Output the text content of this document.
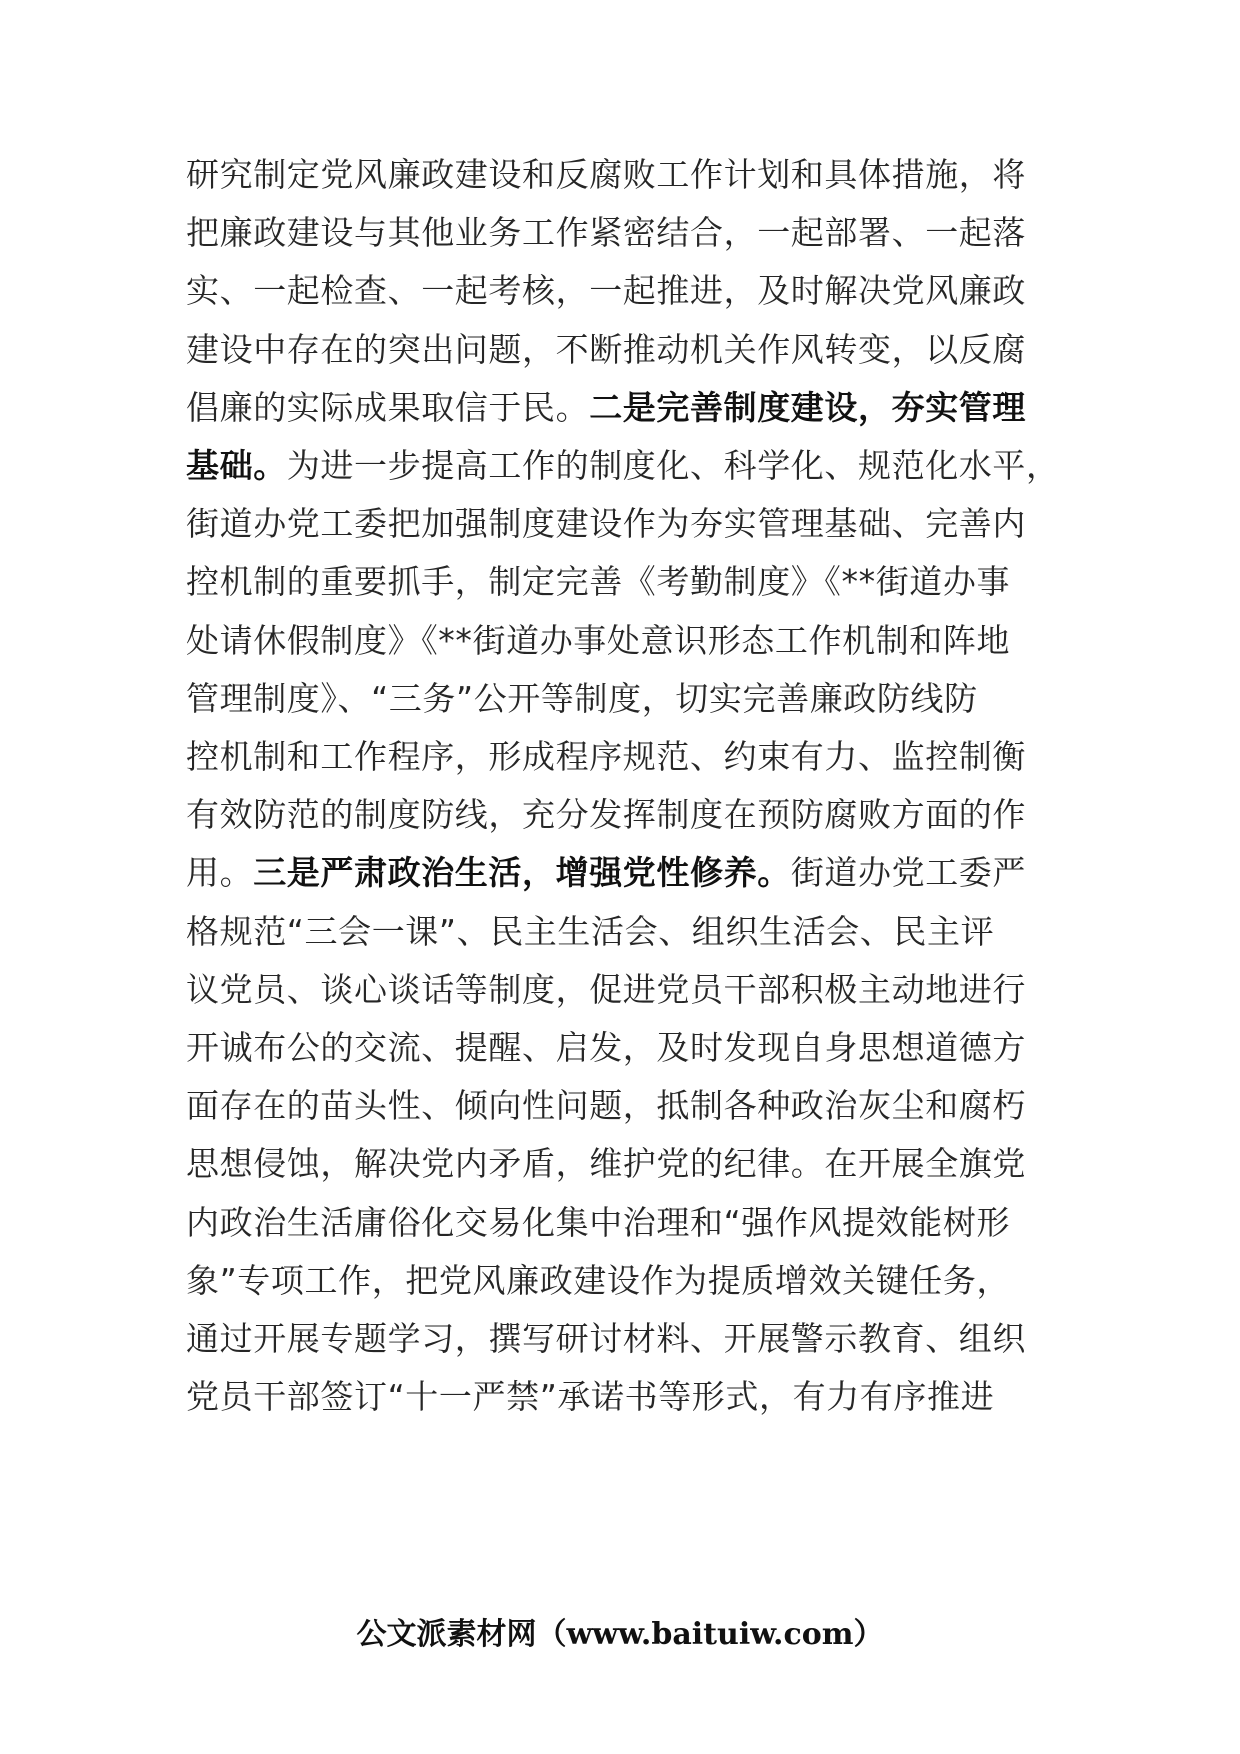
研究制定党风廉政建设和反腐败工作计划和具体措施，将
把廉政建设与其他业务工作紧密结合，一起部署、一起落
实、一起检查、一起考核，一起推进，及时解决党风廉政
建设中存在的突出问题，不断推动机关作风转变，以反腐
倡廉的实际成果取信于民。二是完善制度建设，夯实管理
基础。为进一步提高工作的制度化、科学化、规范化水平，
街道办党工委把加强制度建设作为夯实管理基础、完善内
控机制的重要抓手，制定完善《考勤制度》《**街道办事
处请休假制度》《**街道办事处意识形态工作机制和阵地
管理制度》、“三务”公开等制度，切实完善廉政防线防
控机制和工作程序，形成程序规范、约束有力、监控制衡
有效防范的制度防线，充分发挥制度在预防腐败方面的作
用。三是严肃政治生活，增强党性修养。街道办党工委严
格规范“三会一课”、民主生活会、组织生活会、民主评
议党员、谈心谈话等制度，促进党员干部积极主动地进行
开诚布公的交流、提醒、启发，及时发现自身思想道德方
面存在的苗头性、倾向性问题，抵制各种政治灰尘和腐朽
思想侵蚀，解决党内矛盾，维护党的纪律。在开展全旗党
内政治生活庸俗化交易化集中治理和“强作风提效能树形
象”专项工作，把党风廉政建设作为提质增效关键任务，
通过开展专题学习，撰写研讨材料、开展警示教育、组织
党员干部签订“十一严禁”承诺书等形式，有力有序推进
公文派素材网（www.baituiw.com）
